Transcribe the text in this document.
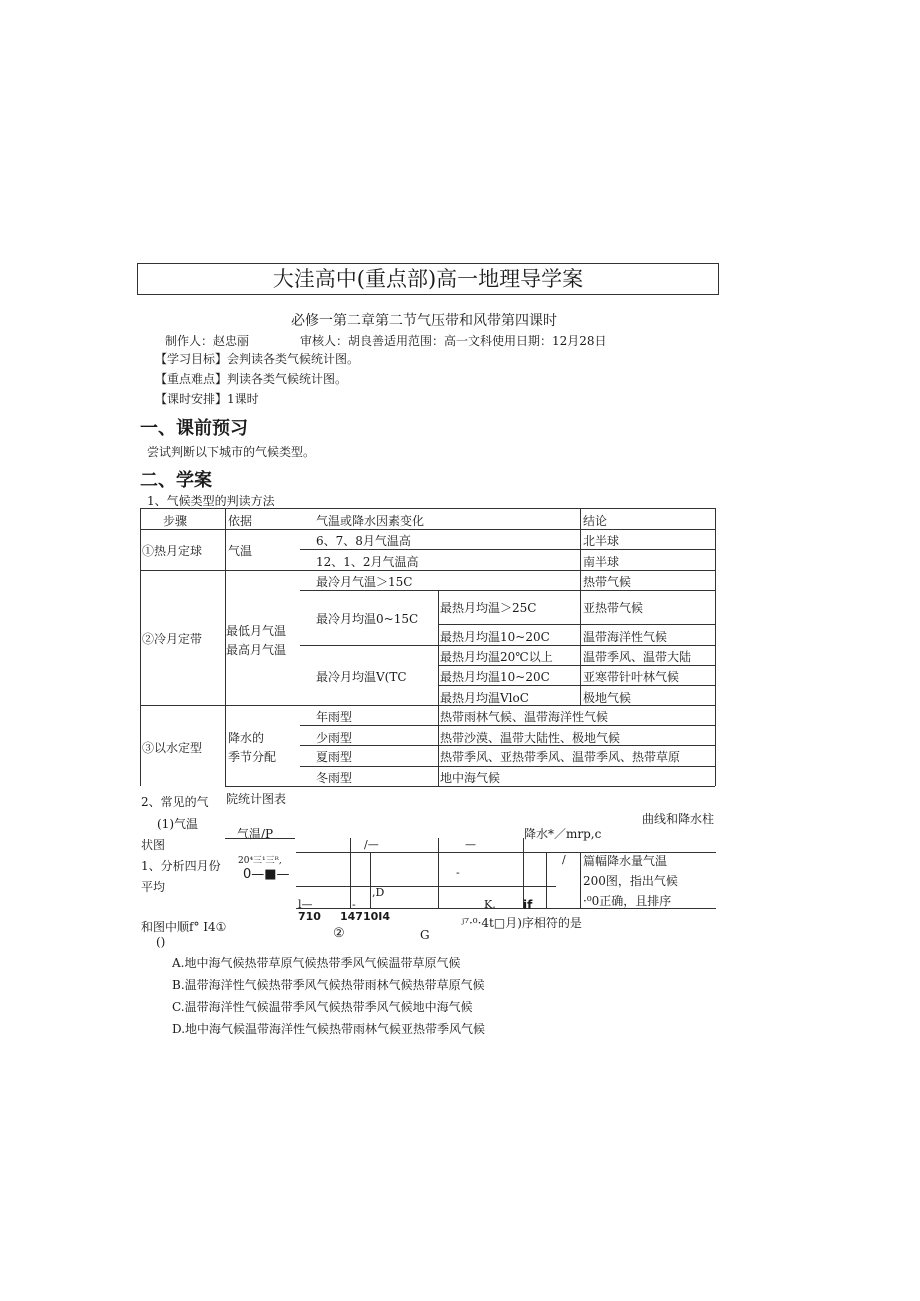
大洼高中(重点部)高一地理导学案
必修一第二章第二节气压带和风带第四课时
制作人：赵忠丽	审核人：胡良善适用范围：高一文科使用日期：12月28日
【学习目标】会判读各类气候统计图。
【重点难点】判读各类气候统计图。
【课时安排】1课时
一、课前预习
尝试判断以下城市的气候类型。
二、学案
1、气候类型的判读方法
步骤	依据	气温或降水因素变化	结论
①热月定球 气温
6、7、8月气温高	北半球
12、1、2月气温高	南半球
②冷月定带
最低月气温
最高月气温
最冷月气温＞15C	热带气候
最冷月均温0~15C
最热月均温＞25C	亚热带气候
最热月均温10~20C	温带海洋性气候
最冷月均温V(TC
最热月均温20℃以上	温带季风、温带大陆
最热月均温10~20C	亚寒带针叶林气候
最热月均温VloC	极地气候
③以水定型
降水的
季节分配
年雨型	热带雨林气候、温带海洋性气候
少雨型	热带沙漠、温带大陆性、极地气候
夏雨型	热带季风、亚热带季风、温带季风、热带草原
冬雨型	地中海气候
2、常见的气 院统计图表
(1)气温	曲线和降水柱
状图
气温/P	降水*／mrp,c
1、分析四月份
平均
20⁴三¹三ᴿ,
0—■—
/—	—
-
,D
/
l—	-	K. if
710 14710I4
篇幅降水量气温
200图，指出气候
·⁰0正确，且排序
和图中顺f° I4①	ʲ⁷·⁰·4t□月)序相符的是
②	G
()
A.地中海气候热带草原气候热带季风气候温带草原气候
B.温带海洋性气候热带季风气候热带雨林气候热带草原气候
C.温带海洋性气候温带季风气候热带季风气候地中海气候
D.地中海气候温带海洋性气候热带雨林气候亚热带季风气候
